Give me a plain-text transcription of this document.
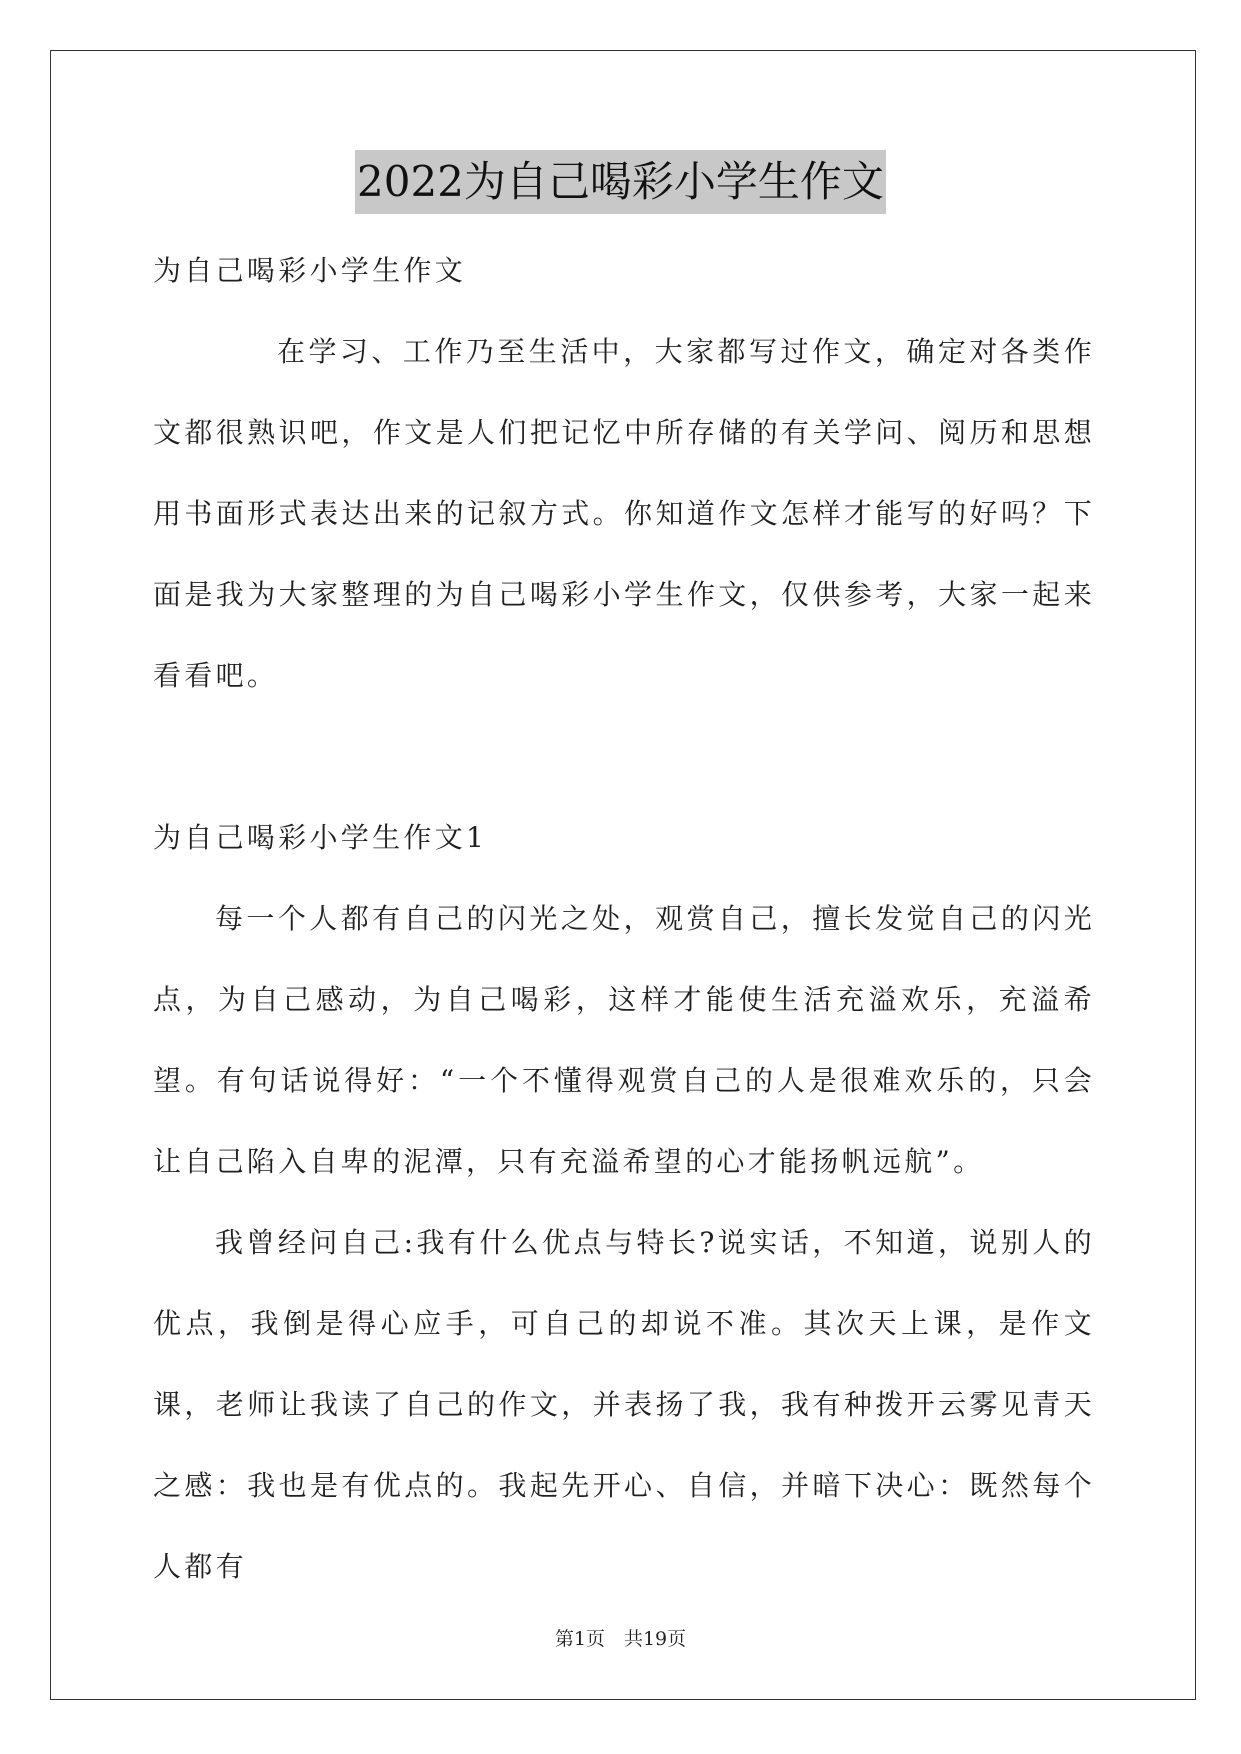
2022为自己喝彩小学生作文

为自己喝彩小学生作文

在学习、工作乃至生活中，大家都写过作文，确定对各类作文都很熟识吧，作文是人们把记忆中所存储的有关学问、阅历和思想用书面形式表达出来的记叙方式。你知道作文怎样才能写的好吗？下面是我为大家整理的为自己喝彩小学生作文，仅供参考，大家一起来看看吧。

为自己喝彩小学生作文1

每一个人都有自己的闪光之处，观赏自己，擅长发觉自己的闪光点，为自己感动，为自己喝彩，这样才能使生活充溢欢乐，充溢希望。有句话说得好：“一个不懂得观赏自己的人是很难欢乐的，只会让自己陷入自卑的泥潭，只有充溢希望的心才能扬帆远航”。

我曾经问自己:我有什么优点与特长?说实话，不知道，说别人的优点，我倒是得心应手，可自己的却说不准。其次天上课，是作文课，老师让我读了自己的作文，并表扬了我，我有种拨开云雾见青天之感：我也是有优点的。我起先开心、自信，并暗下决心：既然每个人都有

第1页　共19页
